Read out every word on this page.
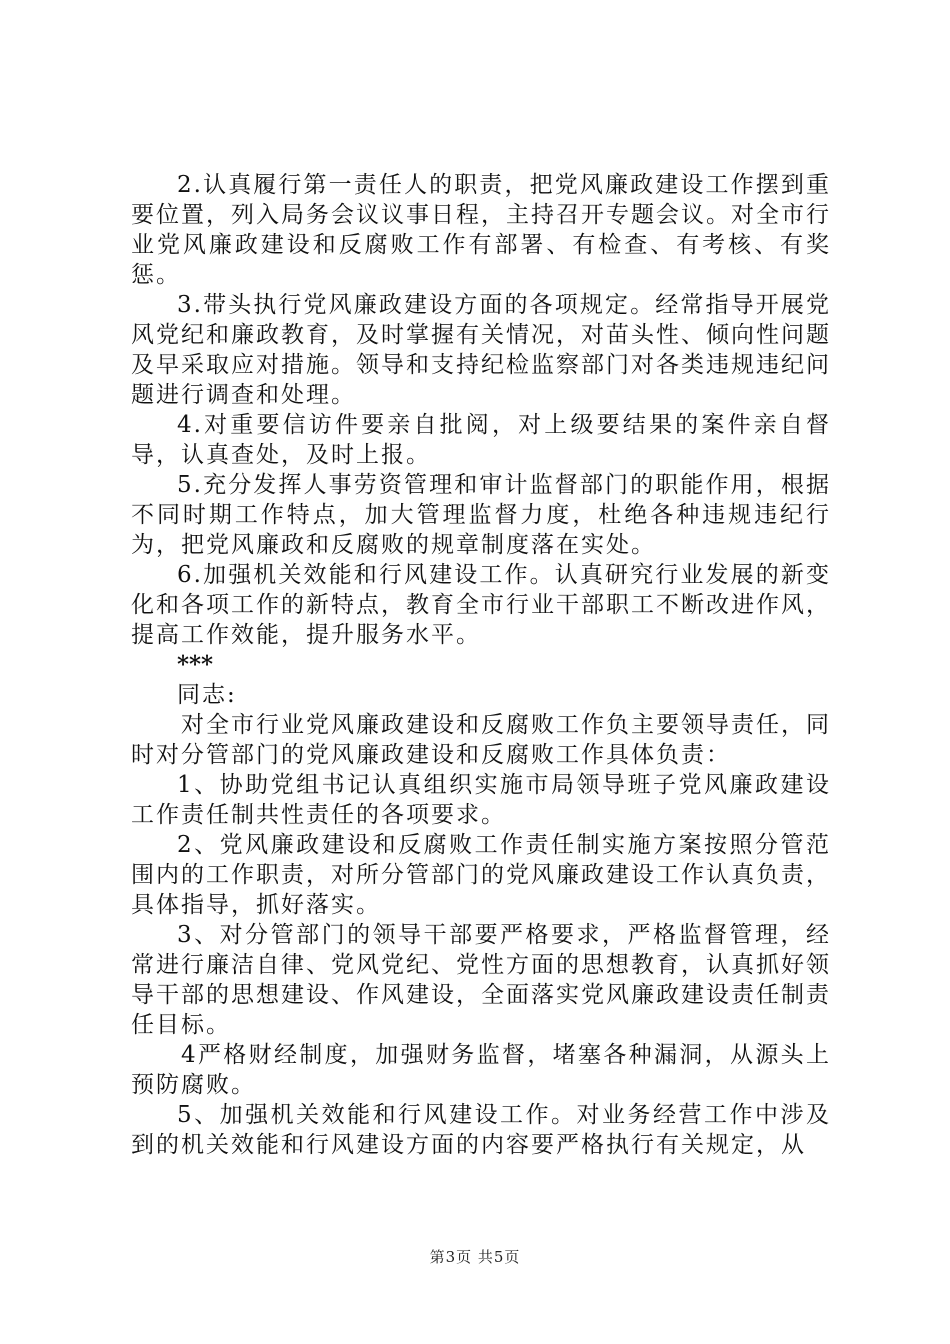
2.认真履行第一责任人的职责，把党风廉政建设工作摆到重要位置，列入局务会议议事日程，主持召开专题会议。对全市行业党风廉政建设和反腐败工作有部署、有检查、有考核、有奖惩。

3.带头执行党风廉政建设方面的各项规定。经常指导开展党风党纪和廉政教育，及时掌握有关情况，对苗头性、倾向性问题及早采取应对措施。领导和支持纪检监察部门对各类违规违纪问题进行调查和处理。

4.对重要信访件要亲自批阅，对上级要结果的案件亲自督导，认真查处，及时上报。

5.充分发挥人事劳资管理和审计监督部门的职能作用，根据不同时期工作特点，加大管理监督力度，杜绝各种违规违纪行为，把党风廉政和反腐败的规章制度落在实处。

6.加强机关效能和行风建设工作。认真研究行业发展的新变化和各项工作的新特点，教育全市行业干部职工不断改进作风，提高工作效能，提升服务水平。

***

同志:

对全市行业党风廉政建设和反腐败工作负主要领导责任，同时对分管部门的党风廉政建设和反腐败工作具体负责：

1、协助党组书记认真组织实施市局领导班子党风廉政建设工作责任制共性责任的各项要求。

2、党风廉政建设和反腐败工作责任制实施方案按照分管范围内的工作职责，对所分管部门的党风廉政建设工作认真负责，具体指导，抓好落实。

3、对分管部门的领导干部要严格要求，严格监督管理，经常进行廉洁自律、党风党纪、党性方面的思想教育，认真抓好领导干部的思想建设、作风建设，全面落实党风廉政建设责任制责任目标。

4严格财经制度，加强财务监督，堵塞各种漏洞，从源头上预防腐败。

5、加强机关效能和行风建设工作。对业务经营工作中涉及到的机关效能和行风建设方面的内容要严格执行有关规定，从

第3页 共5页
